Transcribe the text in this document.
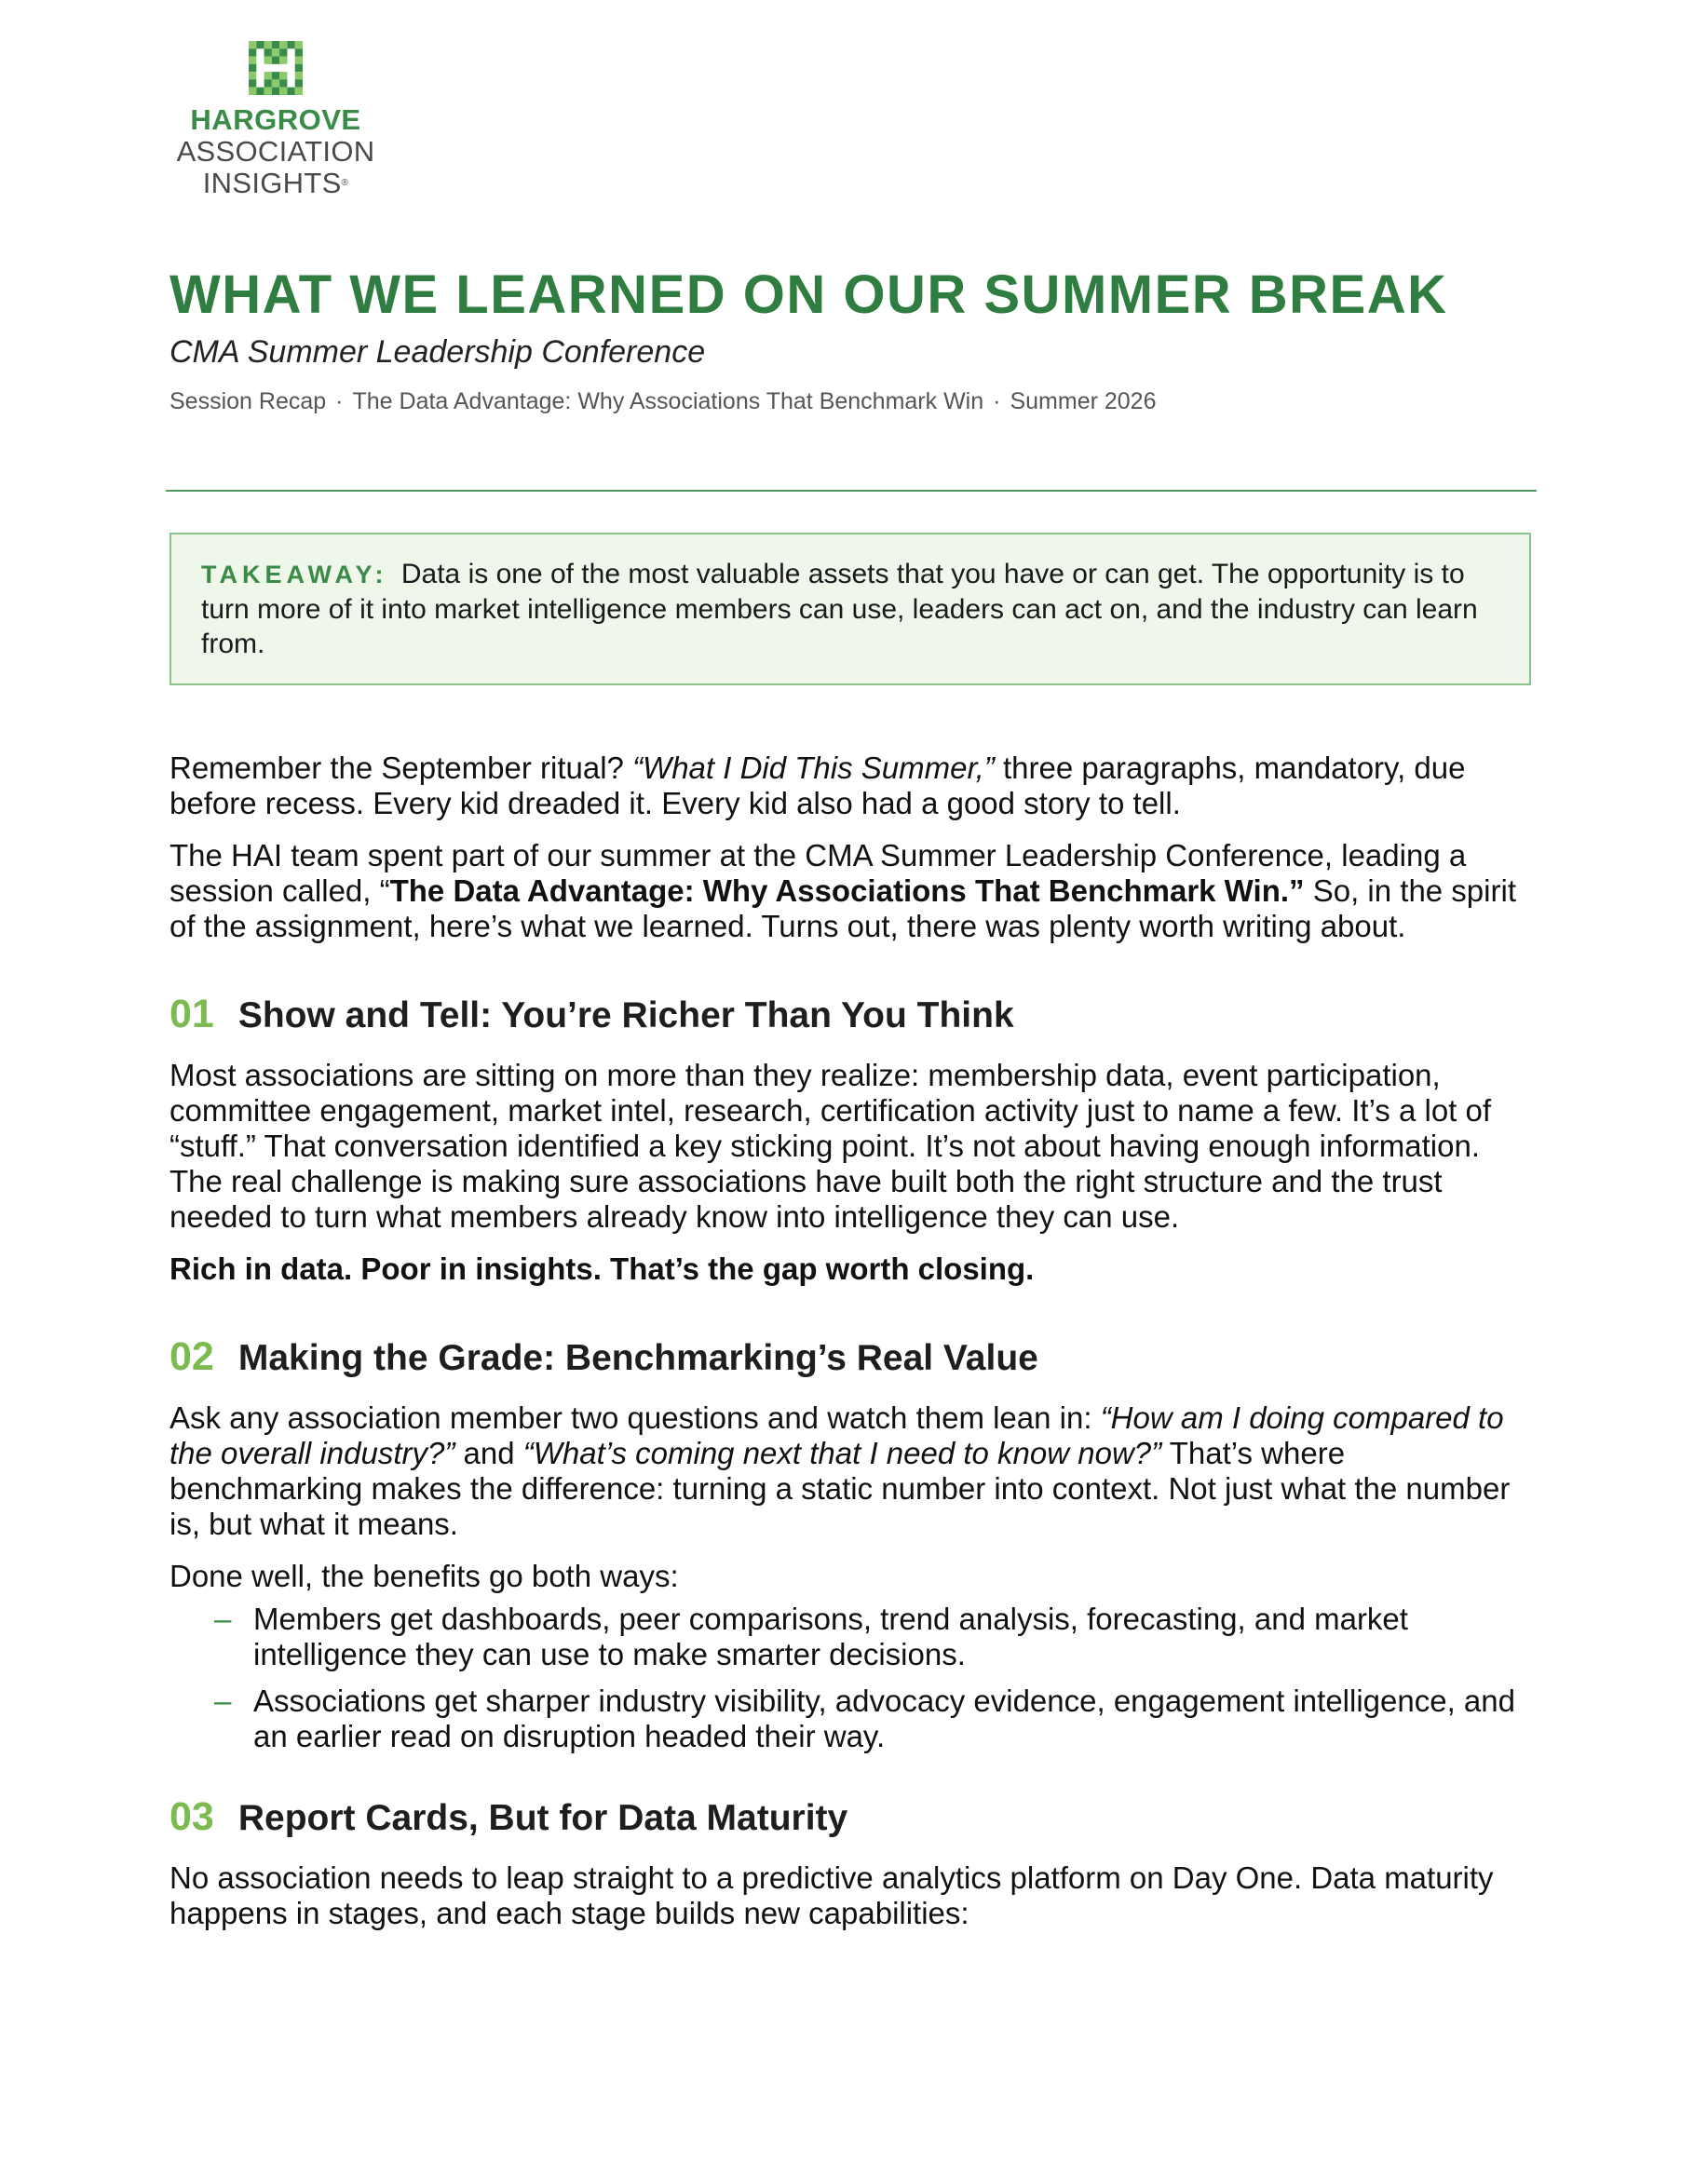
HARGROVE
ASSOCIATION
INSIGHTS®
WHAT WE LEARNED ON OUR SUMMER BREAK
CMA Summer Leadership Conference
Session Recap · The Data Advantage: Why Associations That Benchmark Win · Summer 2026
TAKEAWAY: Data is one of the most valuable assets that you have or can get. The opportunity is to turn more of it into market intelligence members can use, leaders can act on, and the industry can learn from.

Remember the September ritual? “What I Did This Summer,” three paragraphs, mandatory, due before recess. Every kid dreaded it. Every kid also had a good story to tell.

The HAI team spent part of our summer at the CMA Summer Leadership Conference, leading a session called, “The Data Advantage: Why Associations That Benchmark Win.” So, in the spirit of the assignment, here’s what we learned. Turns out, there was plenty worth writing about.

01 Show and Tell: You’re Richer Than You Think

Most associations are sitting on more than they realize: membership data, event participation, committee engagement, market intel, research, certification activity just to name a few. It’s a lot of “stuff.” That conversation identified a key sticking point. It’s not about having enough information. The real challenge is making sure associations have built both the right structure and the trust needed to turn what members already know into intelligence they can use.

Rich in data. Poor in insights. That’s the gap worth closing.

02 Making the Grade: Benchmarking’s Real Value

Ask any association member two questions and watch them lean in: “How am I doing compared to the overall industry?” and “What’s coming next that I need to know now?” That’s where benchmarking makes the difference: turning a static number into context. Not just what the number is, but what it means.

Done well, the benefits go both ways:

– Members get dashboards, peer comparisons, trend analysis, forecasting, and market intelligence they can use to make smarter decisions.
– Associations get sharper industry visibility, advocacy evidence, engagement intelligence, and an earlier read on disruption headed their way.
03 Report Cards, But for Data Maturity

No association needs to leap straight to a predictive analytics platform on Day One. Data maturity happens in stages, and each stage builds new capabilities:
